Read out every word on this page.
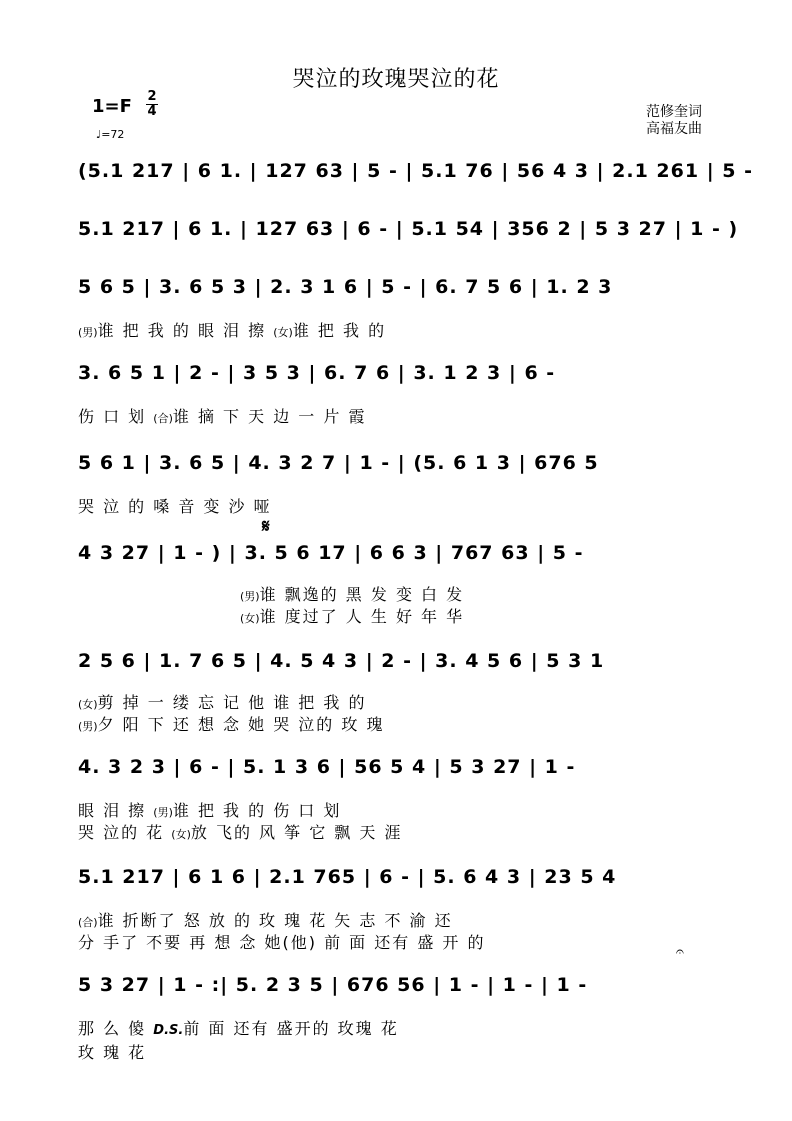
哭泣的玫瑰哭泣的花
1=F 2
4
♩=72
范修奎词
高福友曲
(5.1 217 | 6 1. | 127 63 | 5 - | 5.1 76 | 56 4 3 | 2.1 261 | 5 -
5.1 217 | 6 1. | 127 63 | 6 - | 5.1 54 | 356 2 | 5 3 27 | 1 - )
5 6 5 | 3. 6 5 3 | 2. 3 1 6 | 5 - | 6. 7 5 6 | 1. 2 3
(男)谁 把 我 的 眼 泪 擦 (女)谁 把 我 的
3. 6 5 1 | 2 - | 3 5 3 | 6. 7 6 | 3. 1 2 3 | 6 -
伤 口 划 (合)谁 摘 下 天 边 一 片 霞
5 6 1 | 3. 6 5 | 4. 3 2 7 | 1 - | (5. 6 1 3 | 676 5
哭 泣 的 嗓 音 变 沙 哑
𝄋
4 3 27 | 1 - ) | 3. 5 6 17 | 6 6 3 | 767 63 | 5 -
(男)谁 飘逸的 黑 发 变 白 发
(女)谁 度过了 人 生 好 年 华
2 5 6 | 1. 7 6 5 | 4. 5 4 3 | 2 - | 3. 4 5 6 | 5 3 1
(女)剪 掉 一 缕 忘 记 他 谁 把 我 的
(男)夕 阳 下 还 想 念 她 哭 泣的 玫 瑰
4. 3 2 3 | 6 - | 5. 1 3 6 | 56 5 4 | 5 3 27 | 1 -
眼 泪 擦 (男)谁 把 我 的 伤 口 划
哭 泣的 花 (女)放 飞的 风 筝 它 飘 天 涯
5.1 217 | 6 1 6 | 2.1 765 | 6 - | 5. 6 4 3 | 23 5 4
(合)谁 折断了 怒 放 的 玫 瑰 花 矢 志 不 渝 还
分 手了 不要 再 想 念 她(他) 前 面 还有 盛 开 的	𝄐
5 3 27 | 1 - :| 5. 2 3 5 | 676 56 | 1 - | 1 - | 1 -
那 么 傻 D.S.前 面 还有 盛开的 玫瑰 花
玫 瑰 花
